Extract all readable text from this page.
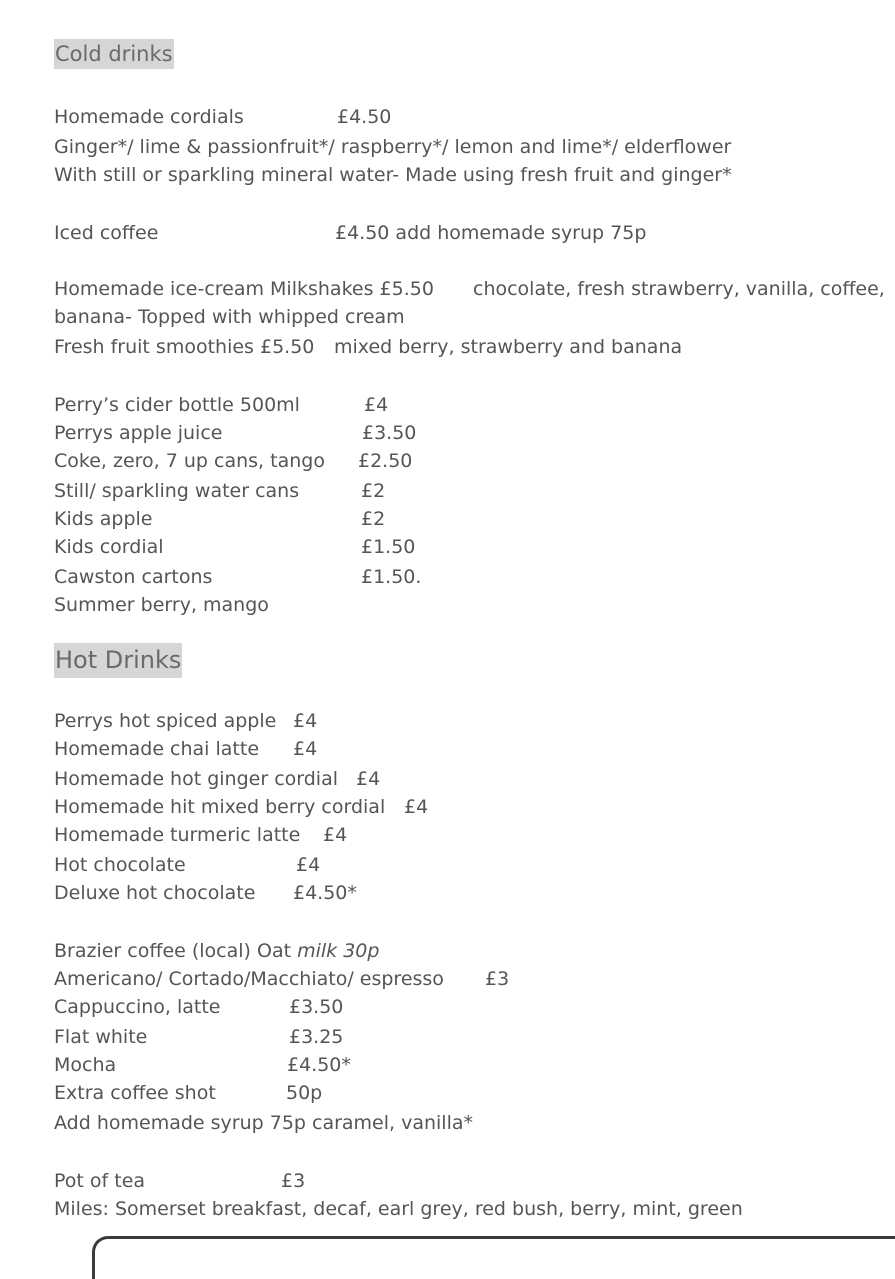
Cold drinks
Homemade cordials	£4.50
Ginger*/ lime & passionfruit*/ raspberry*/ lemon and lime*/ elderflower
With still or sparkling mineral water- Made using fresh fruit and ginger*
Iced coffee	£4.50 add homemade syrup 75p
Homemade ice-cream Milkshakes £5.50 chocolate, fresh strawberry, vanilla, coffee,
banana- Topped with whipped cream
Fresh fruit smoothies £5.50 mixed berry, strawberry and banana
Perry’s cider bottle 500ml	£4
Perrys apple juice	£3.50
Coke, zero, 7 up cans, tango £2.50
Still/ sparkling water cans	£2
Kids apple	£2
Kids cordial	£1.50
Cawston cartons	£1.50.
Summer berry, mango
Hot Drinks
Perrys hot spiced apple £4
Homemade chai latte £4
Homemade hot ginger cordial £4
Homemade hit mixed berry cordial £4
Homemade turmeric latte £4
Hot chocolate	£4
Deluxe hot chocolate £4.50*
Brazier coffee (local) Oat milk 30p
Americano/ Cortado/Macchiato/ espresso £3
Cappuccino, latte	£3.50
Flat white	£3.25
Mocha	£4.50*
Extra coffee shot	50p
Add homemade syrup 75p caramel, vanilla*
Pot of tea	£3
Miles: Somerset breakfast, decaf, earl grey, red bush, berry, mint, green
